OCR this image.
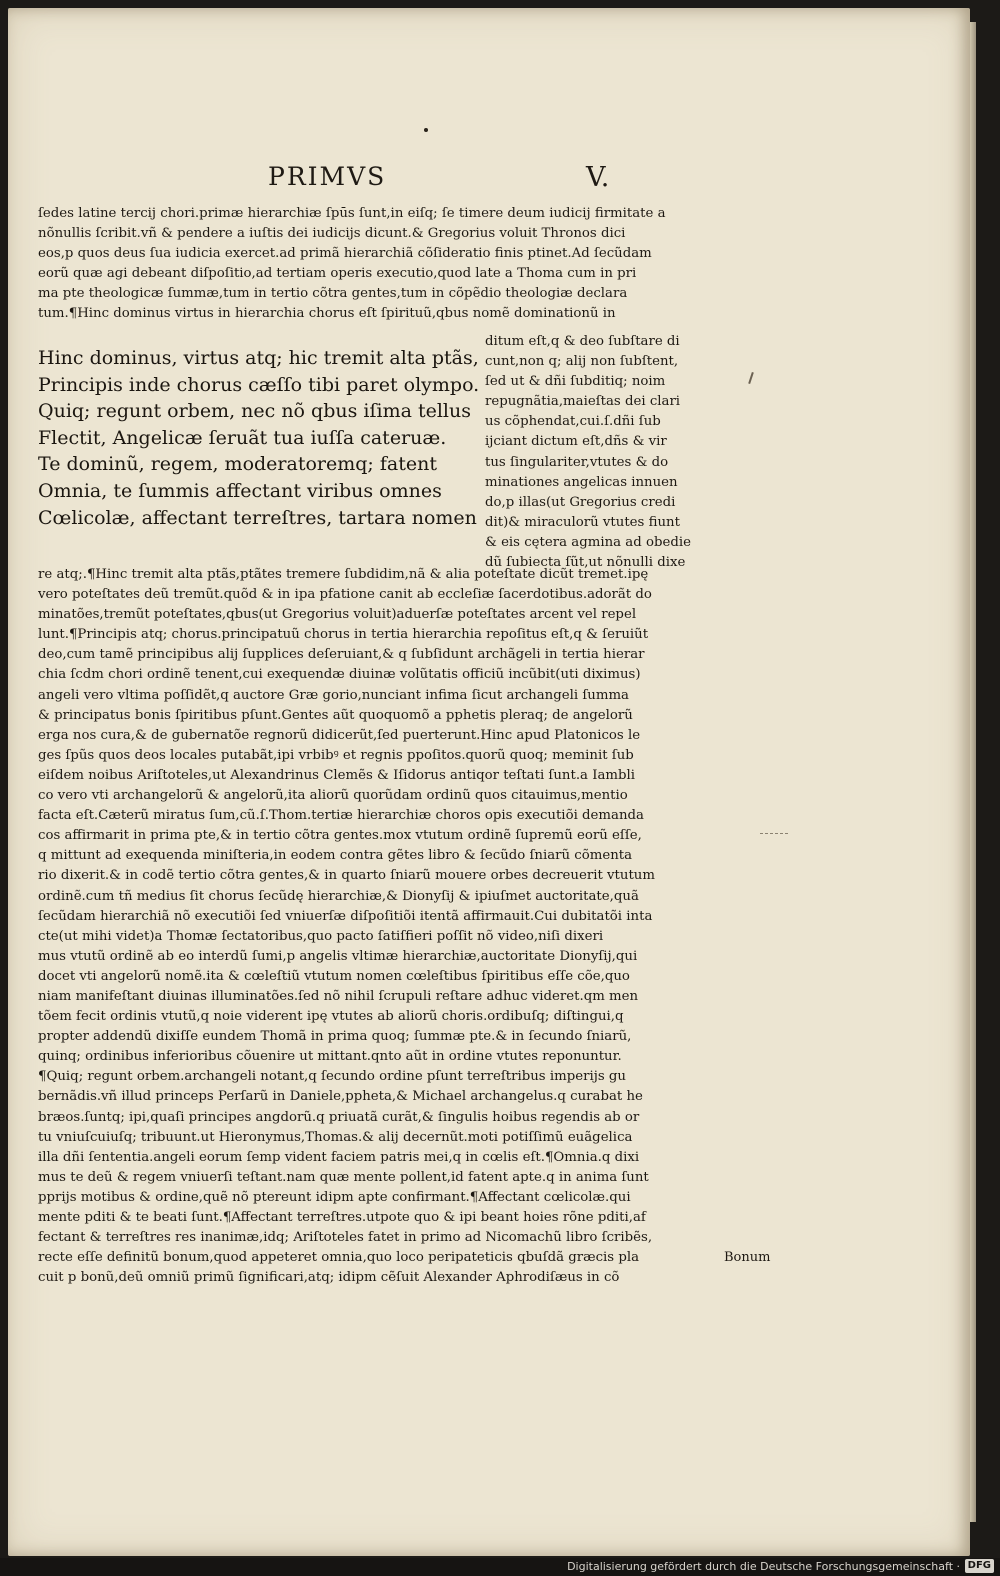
PRIMVS	V.
ſedes latine tercij chori.primæ hierarchiæ ſpūs ſunt,in eiſq; ſe timere deum iudicij firmitate a
nõnullis ſcribit.vñ & pendere a iuſtis dei iudicijs dicunt.& Gregorius voluit Thronos dici
eos,p quos deus ſua iudicia exercet.ad primã hierarchiã cõſideratio finis ptinet.Ad ſecũdam
eorũ quæ agi debeant diſpoſitio,ad tertiam operis executio,quod late a Thoma cum in pri
ma pte theologicæ ſummæ,tum in tertio cõtra gentes,tum in cõpẽdio theologiæ declara
tum.¶Hinc dominus virtus in hierarchia chorus eſt ſpirituũ,qbus nomẽ dominationũ in
Hinc dominus, virtus atq; hic tremit alta ptãs,
Principis inde chorus cæſſo tibi paret olympo.
Quiq; regunt orbem, nec nõ qbus iſima tellus
Flectit, Angelicæ ſeruãt tua iuſſa cateruæ.
Te dominũ, regem, moderatoremq; fatent
Omnia, te ſummis affectant viribus omnes
Cœlicolæ, affectant terreſtres, tartara nomen
ditum eſt,q & deo ſubſtare di
cunt,non q; alij non ſubſtent,
ſed ut & dñi ſubditiq; noim
repugnãtia,maieſtas dei clari
us cõphendat,cui.ſ.dñi ſub
ijciant dictum eſt,dñs & vir
tus ſingulariter,vtutes & do
minationes angelicas innuen
do,p illas(ut Gregorius credi
dit)& miraculorũ vtutes fiunt
& eis cętera agmina ad obedie
dũ ſubiecta ſũt,ut nõnulli dixe
re atq;.¶Hinc tremit alta ptãs,ptãtes tremere ſubdidim,nã & alia poteſtate dicũt tremet.ipę
vero poteſtates deũ tremũt.quõd & in ipa pfatione canit ab eccleſiæ ſacerdotibus.adorãt do
minatões,tremũt poteſtates,qbus(ut Gregorius voluit)aduerſæ poteſtates arcent vel repel
lunt.¶Principis atq; chorus.principatuũ chorus in tertia hierarchia repoſitus eſt,q & ſeruiũt
deo,cum tamẽ principibus alij ſupplices deſeruiant,& q ſubſidunt archãgeli in tertia hierar
chia ſcdm chori ordinẽ tenent,cui exequendæ diuinæ volũtatis officiũ incũbit(uti diximus)
angeli vero vltima poſſidẽt,q auctore Græ gorio,nunciant infima ſicut archangeli ſumma
& principatus bonis ſpiritibus pſunt.Gentes aũt quoquomõ a pphetis pleraq; de angelorũ
erga nos cura,& de gubernatõe regnorũ didicerũt,ſed puerterunt.Hinc apud Platonicos le
ges ſpũs quos deos locales putabãt,ipi vrbibꝰ et regnis ppoſitos.quorũ quoq; meminit ſub
eiſdem noibus Ariſtoteles,ut Alexandrinus Clemẽs & Iſidorus antiqor teſtati ſunt.a Iambli
co vero vti archangelorũ & angelorũ,ita aliorũ quorũdam ordinũ quos citauimus,mentio
facta eſt.Cæterũ miratus ſum,cũ.ſ.Thom.tertiæ hierarchiæ choros opis executiõi demanda
cos affirmarit in prima pte,& in tertio cõtra gentes.mox vtutum ordinẽ ſupremũ eorũ eſſe,
q mittunt ad exequenda miniſteria,in eodem contra gẽtes libro & ſecũdo ſniarũ cõmenta
rio dixerit.& in codẽ tertio cõtra gentes,& in quarto ſniarũ mouere orbes decreuerit vtutum
ordinẽ.cum tñ medius ſit chorus ſecũdę hierarchiæ,& Dionyſij & ipiuſmet auctoritate,quã
ſecũdam hierarchiã nõ executiõi ſed vniuerſæ diſpoſitiõi itentã affirmauit.Cui dubitatõi inta
cte(ut mihi videt)a Thomæ ſectatoribus,quo pacto ſatiſfieri poſſit nõ video,niſi dixeri
mus vtutũ ordinẽ ab eo interdũ ſumi,p angelis vltimæ hierarchiæ,auctoritate Dionyſij,qui
docet vti angelorũ nomẽ.ita & cœleſtiũ vtutum nomen cœleſtibus ſpiritibus eſſe cõe,quo
niam manifeſtant diuinas illuminatões.ſed nõ nihil ſcrupuli reſtare adhuc videret.qm men
tõem fecit ordinis vtutũ,q noie viderent ipę vtutes ab aliorũ choris.ordibuſq; diſtingui,q
propter addendũ dixiſſe eundem Thomã in prima quoq; ſummæ pte.& in ſecundo ſniarũ,
quinq; ordinibus inferioribus cõuenire ut mittant.qnto aũt in ordine vtutes reponuntur.
¶Quiq; regunt orbem.archangeli notant,q ſecundo ordine pſunt terreſtribus imperijs gu
bernãdis.vñ illud princeps Perſarũ in Daniele,ppheta,& Michael archangelus.q curabat he
bræos.ſuntq; ipi,quaſi principes angdorũ.q priuatã curãt,& ſingulis hoibus regendis ab or
tu vniuſcuiuſq; tribuunt.ut Hieronymus,Thomas.& alij decernũt.moti potiſſimũ euãgelica
illa dñi ſententia.angeli eorum ſemp vident faciem patris mei,q in cœlis eſt.¶Omnia.q dixi
mus te deũ & regem vniuerſi teſtant.nam quæ mente pollent,id fatent apte.q in anima ſunt
pprijs motibus & ordine,quẽ nõ ptereunt idipm apte confirmant.¶Affectant cœlicolæ.qui
mente pditi & te beati ſunt.¶Affectant terreſtres.utpote quo & ipi beant hoies rõne pditi,af
fectant & terreſtres res inanimæ,idq; Ariſtoteles fatet in primo ad Nicomachũ libro ſcribẽs,
recte eſſe definitũ bonum,quod appeteret omnia,quo loco peripateticis qbuſdã græcis pla
cuit p bonũ,deũ omniũ primũ ſignificari,atq; idipm cẽſuit Alexander Aphrodiſæus in cõ
Bonum
Digitalisierung gefördert durch die Deutsche Forschungsgemeinschaft · DFG
